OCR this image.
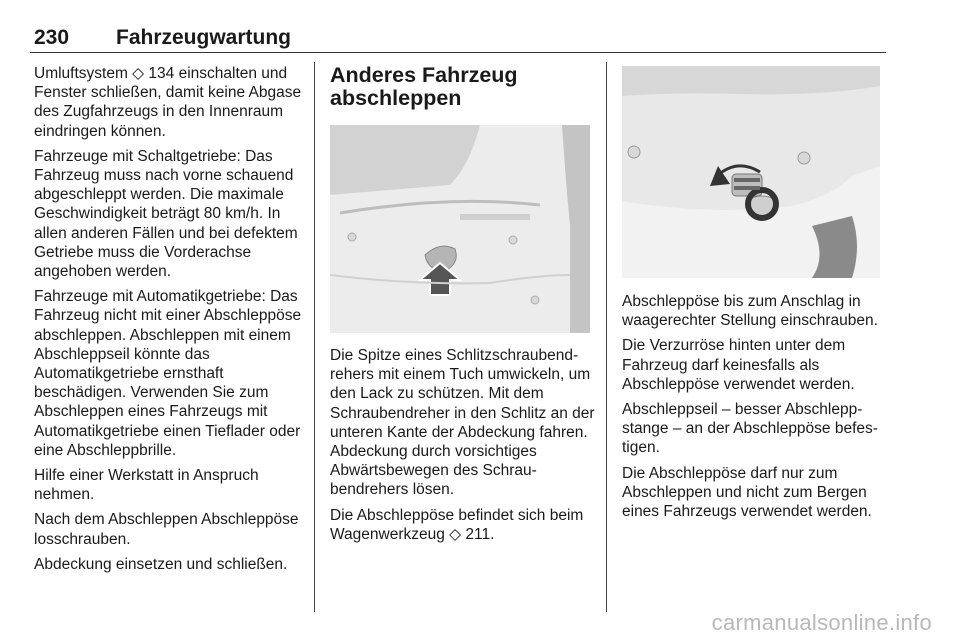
230 Fahrzeugwartung

Umluftsystem ◇ 134 einschalten und Fenster schließen, damit keine Abgase des Zugfahrzeugs in den Innenraum eindringen können.

Fahrzeuge mit Schaltgetriebe: Das Fahrzeug muss nach vorne schauend abgeschleppt werden. Die maximale Geschwindigkeit beträgt 80 km/h. In allen anderen Fällen und bei defektem Getriebe muss die Vorderachse angehoben werden.

Fahrzeuge mit Automatikgetriebe: Das Fahrzeug nicht mit einer Abschleppöse abschleppen. Abschleppen mit einem Abschleppseil könnte das Automatikgetriebe ernsthaft beschädigen. Verwenden Sie zum Abschleppen eines Fahrzeugs mit Automatikgetriebe einen Tieflader oder eine Abschleppbrille.

Hilfe einer Werkstatt in Anspruch nehmen.

Nach dem Abschleppen Abschleppöse losschrauben.

Abdeckung einsetzen und schließen.

Anderes Fahrzeug abschleppen

Die Spitze eines Schlitzschraubendrehers mit einem Tuch umwickeln, um den Lack zu schützen. Mit dem Schraubendreher in den Schlitz an der unteren Kante der Abdeckung fahren. Abdeckung durch vorsichtiges Abwärtsbewegen des Schraubendrehers lösen.

Die Abschleppöse befindet sich beim Wagenwerkzeug ◇ 211.

Abschleppöse bis zum Anschlag in waagerechter Stellung einschrauben.

Die Verzurröse hinten unter dem Fahrzeug darf keinesfalls als Abschleppöse verwendet werden.

Abschleppseil – besser Abschleppstange – an der Abschleppöse befestigen.

Die Abschleppöse darf nur zum Abschleppen und nicht zum Bergen eines Fahrzeugs verwendet werden.

carmanualsonline.info
